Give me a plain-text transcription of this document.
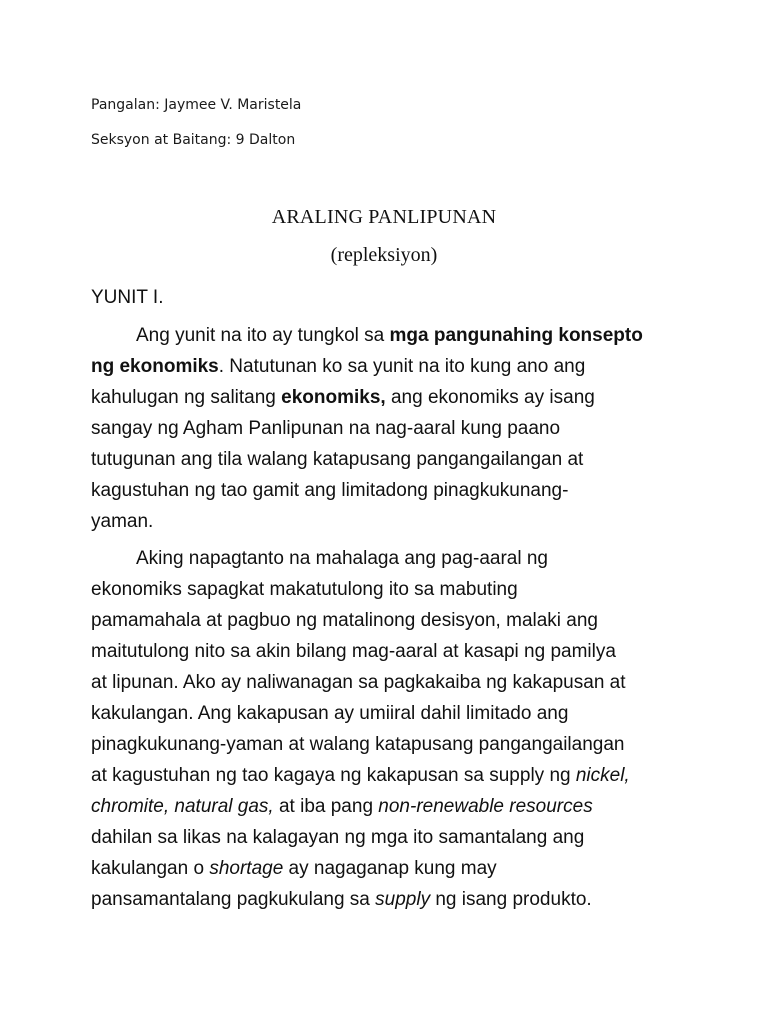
Pangalan: Jaymee V. Maristela
Seksyon at Baitang: 9 Dalton
ARALING PANLIPUNAN
(repleksiyon)
YUNIT I.
Ang yunit na ito ay tungkol sa mga pangunahing konsepto
ng ekonomiks. Natutunan ko sa yunit na ito kung ano ang
kahulugan ng salitang ekonomiks, ang ekonomiks ay isang
sangay ng Agham Panlipunan na nag-aaral kung paano
tutugunan ang tila walang katapusang pangangailangan at
kagustuhan ng tao gamit ang limitadong pinagkukunang-
yaman.
Aking napagtanto na mahalaga ang pag-aaral ng
ekonomiks sapagkat makatutulong ito sa mabuting
pamamahala at pagbuo ng matalinong desisyon, malaki ang
maitutulong nito sa akin bilang mag-aaral at kasapi ng pamilya
at lipunan. Ako ay naliwanagan sa pagkakaiba ng kakapusan at
kakulangan. Ang kakapusan ay umiiral dahil limitado ang
pinagkukunang-yaman at walang katapusang pangangailangan
at kagustuhan ng tao kagaya ng kakapusan sa supply ng nickel,
chromite, natural gas, at iba pang non-renewable resources
dahilan sa likas na kalagayan ng mga ito samantalang ang
kakulangan o shortage ay nagaganap kung may
pansamantalang pagkukulang sa supply ng isang produkto.
